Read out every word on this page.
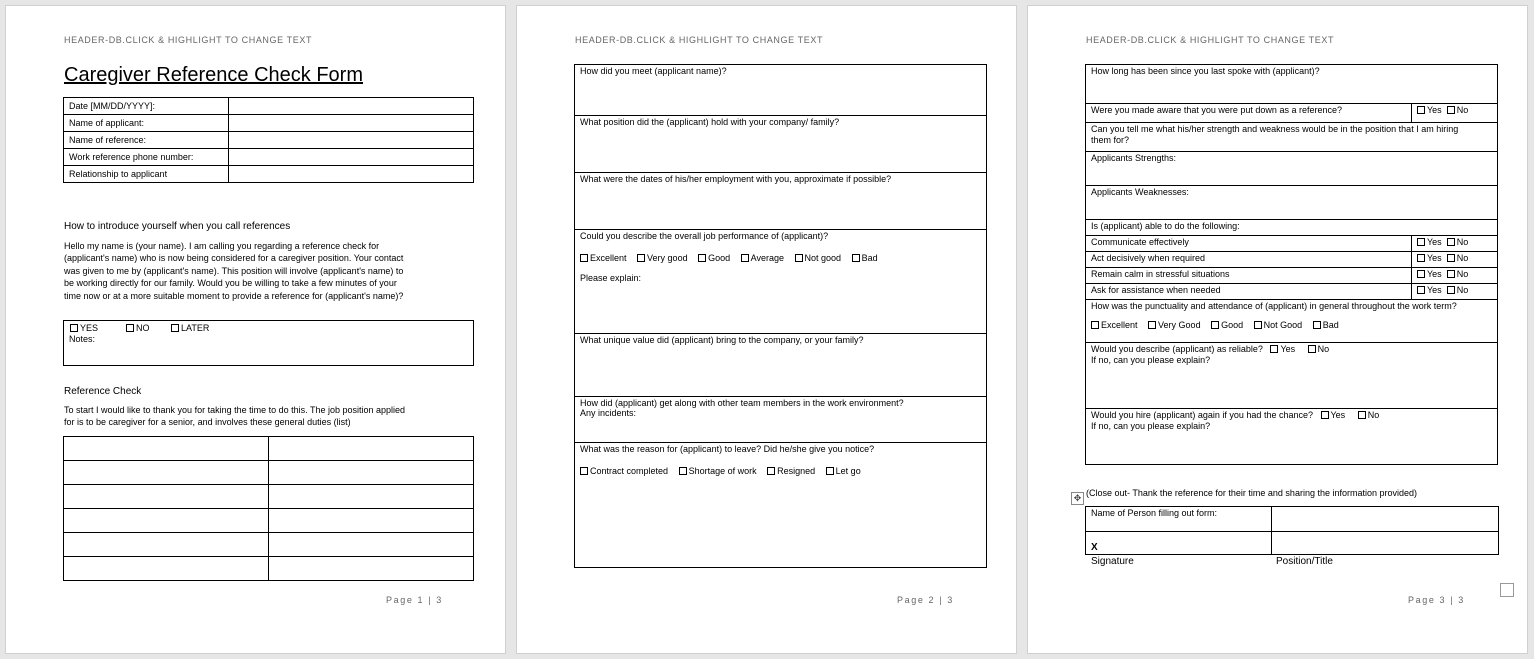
HEADER-DB.CLICK & HIGHLIGHT TO CHANGE TEXT
Caregiver Reference Check Form
Date [MM/DD/YYYY]:	
Name of applicant:	
Name of reference:	
Work reference phone number:	
Relationship to applicant	
How to introduce yourself when you call references
Hello my name is (your name). I am calling you regarding a reference check for
(applicant's name) who is now being considered for a caregiver position. Your contact
was given to me by (applicant's name). This position will involve (applicant's name) to
be working directly for our family. Would you be willing to take a few minutes of your
time now or at a more suitable moment to provide a reference for (applicant's name)?
YES	NO	LATER
Notes:
Reference Check
To start I would like to thank you for taking the time to do this. The job position applied
for is to be caregiver for a senior, and involves these general duties (list)

Page 1 | 3
HEADER-DB.CLICK & HIGHLIGHT TO CHANGE TEXT
How did you meet (applicant name)?

What position did the (applicant) hold with your company/ family?

What were the dates of his/her employment with you, approximate if possible?

Could you describe the overall job performance of (applicant)?
Excellent Very good Good Average Not good Bad
Please explain:

What unique value did (applicant) bring to the company, or your family?

How did (applicant) get along with other team members in the work environment?
Any incidents:

What was the reason for (applicant) to leave? Did he/she give you notice?
Contract completed Shortage of work Resigned Let go
Page 2 | 3
HEADER-DB.CLICK & HIGHLIGHT TO CHANGE TEXT
How long has been since you last spoke with (applicant)?	

Were you made aware that you were put down as a reference?	Yes No

Can you tell me what his/her strength and weakness would be in the position that I am hiring
them for?	

Applicants Strengths:	

Applicants Weaknesses:	

Is (applicant) able to do the following:	

Communicate effectively	Yes No
Act decisively when required	Yes No
Remain calm in stressful situations	Yes No
Ask for assistance when needed	Yes No

How was the punctuality and attendance of (applicant) in general throughout the work term?
Excellent Very Good Good Not Good Bad	

Would you describe (applicant) as reliable? Yes No
If no, can you please explain?	

Would you hire (applicant) again if you had the chance? Yes No
If no, can you please explain?	
✥ (Close out- Thank the reference for their time and sharing the information provided)
Name of Person filling out form:	
X	
Signature	Position/Title
Page 3 | 3
